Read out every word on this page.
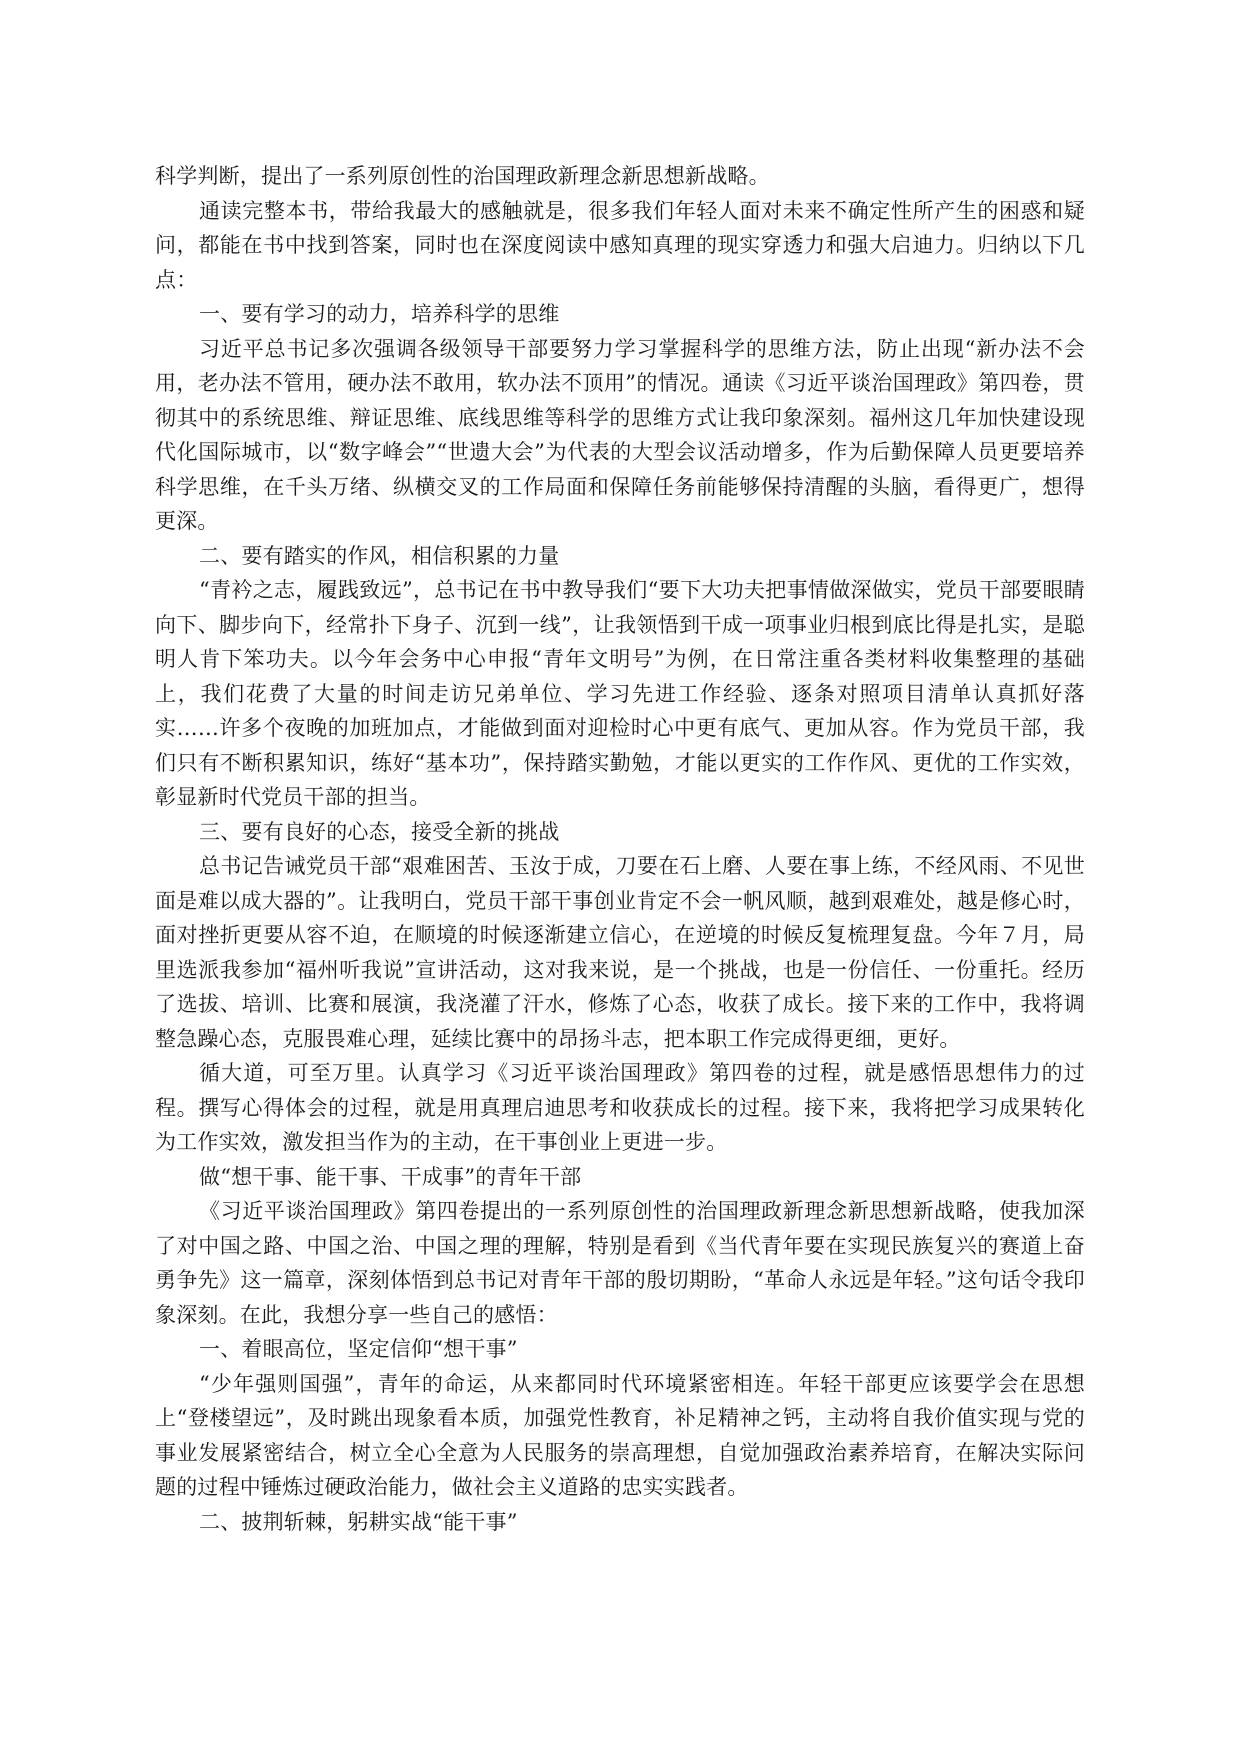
科学判断，提出了一系列原创性的治国理政新理念新思想新战略。

通读完整本书，带给我最大的感触就是，很多我们年轻人面对未来不确定性所产生的困惑和疑问，都能在书中找到答案，同时也在深度阅读中感知真理的现实穿透力和强大启迪力。归纳以下几点：

一、要有学习的动力，培养科学的思维

习近平总书记多次强调各级领导干部要努力学习掌握科学的思维方法，防止出现“新办法不会用，老办法不管用，硬办法不敢用，软办法不顶用”的情况。通读《习近平谈治国理政》第四卷，贯彻其中的系统思维、辩证思维、底线思维等科学的思维方式让我印象深刻。福州这几年加快建设现代化国际城市，以“数字峰会”“世遗大会”为代表的大型会议活动增多，作为后勤保障人员更要培养科学思维，在千头万绪、纵横交叉的工作局面和保障任务前能够保持清醒的头脑，看得更广，想得更深。

二、要有踏实的作风，相信积累的力量

“青衿之志，履践致远”，总书记在书中教导我们“要下大功夫把事情做深做实，党员干部要眼睛向下、脚步向下，经常扑下身子、沉到一线”，让我领悟到干成一项事业归根到底比得是扎实，是聪明人肯下笨功夫。以今年会务中心申报“青年文明号”为例，在日常注重各类材料收集整理的基础上，我们花费了大量的时间走访兄弟单位、学习先进工作经验、逐条对照项目清单认真抓好落实……许多个夜晚的加班加点，才能做到面对迎检时心中更有底气、更加从容。作为党员干部，我们只有不断积累知识，练好“基本功”，保持踏实勤勉，才能以更实的工作作风、更优的工作实效，彰显新时代党员干部的担当。

三、要有良好的心态，接受全新的挑战

总书记告诫党员干部“艰难困苦、玉汝于成，刀要在石上磨、人要在事上练，不经风雨、不见世面是难以成大器的”。让我明白，党员干部干事创业肯定不会一帆风顺，越到艰难处，越是修心时，面对挫折更要从容不迫，在顺境的时候逐渐建立信心，在逆境的时候反复梳理复盘。今年７月，局里选派我参加“福州听我说”宣讲活动，这对我来说，是一个挑战，也是一份信任、一份重托。经历了选拔、培训、比赛和展演，我浇灌了汗水，修炼了心态，收获了成长。接下来的工作中，我将调整急躁心态，克服畏难心理，延续比赛中的昂扬斗志，把本职工作完成得更细，更好。

循大道，可至万里。认真学习《习近平谈治国理政》第四卷的过程，就是感悟思想伟力的过程。撰写心得体会的过程，就是用真理启迪思考和收获成长的过程。接下来，我将把学习成果转化为工作实效，激发担当作为的主动，在干事创业上更进一步。

做“想干事、能干事、干成事”的青年干部

《习近平谈治国理政》第四卷提出的一系列原创性的治国理政新理念新思想新战略，使我加深了对中国之路、中国之治、中国之理的理解，特别是看到《当代青年要在实现民族复兴的赛道上奋勇争先》这一篇章，深刻体悟到总书记对青年干部的殷切期盼，“革命人永远是年轻。”这句话令我印象深刻。在此，我想分享一些自己的感悟：

一、着眼高位，坚定信仰“想干事”

“少年强则国强”，青年的命运，从来都同时代环境紧密相连。年轻干部更应该要学会在思想上“登楼望远”，及时跳出现象看本质，加强党性教育，补足精神之钙，主动将自我价值实现与党的事业发展紧密结合，树立全心全意为人民服务的崇高理想，自觉加强政治素养培育，在解决实际问题的过程中锤炼过硬政治能力，做社会主义道路的忠实实践者。

二、披荆斩棘，躬耕实战“能干事”
